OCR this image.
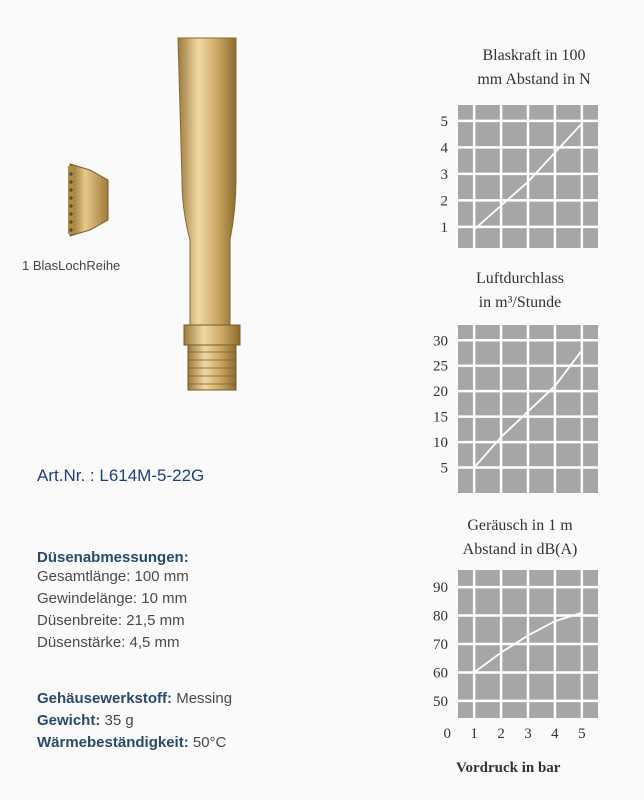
1 BlasLochReihe
Art.Nr. : L614M-5-22G
Düsenabmessungen:
Gesamtlänge: 100 mm
Gewindelänge: 10 mm
Düsenbreite: 21,5 mm
Düsenstärke: 4,5 mm
Gehäusewerkstoff: Messing
Gewicht: 35 g
Wärmebeständigkeit: 50°C
Blaskraft in 100
mm Abstand in N
Luftdurchlass
in m³/Stunde
Geräusch in 1 m
Abstand in dB(A)
1
2
3
4
5
5
10
15
20
25
30
50
60
70
80
90
0 1 2 3 4 5
Vordruck in bar
